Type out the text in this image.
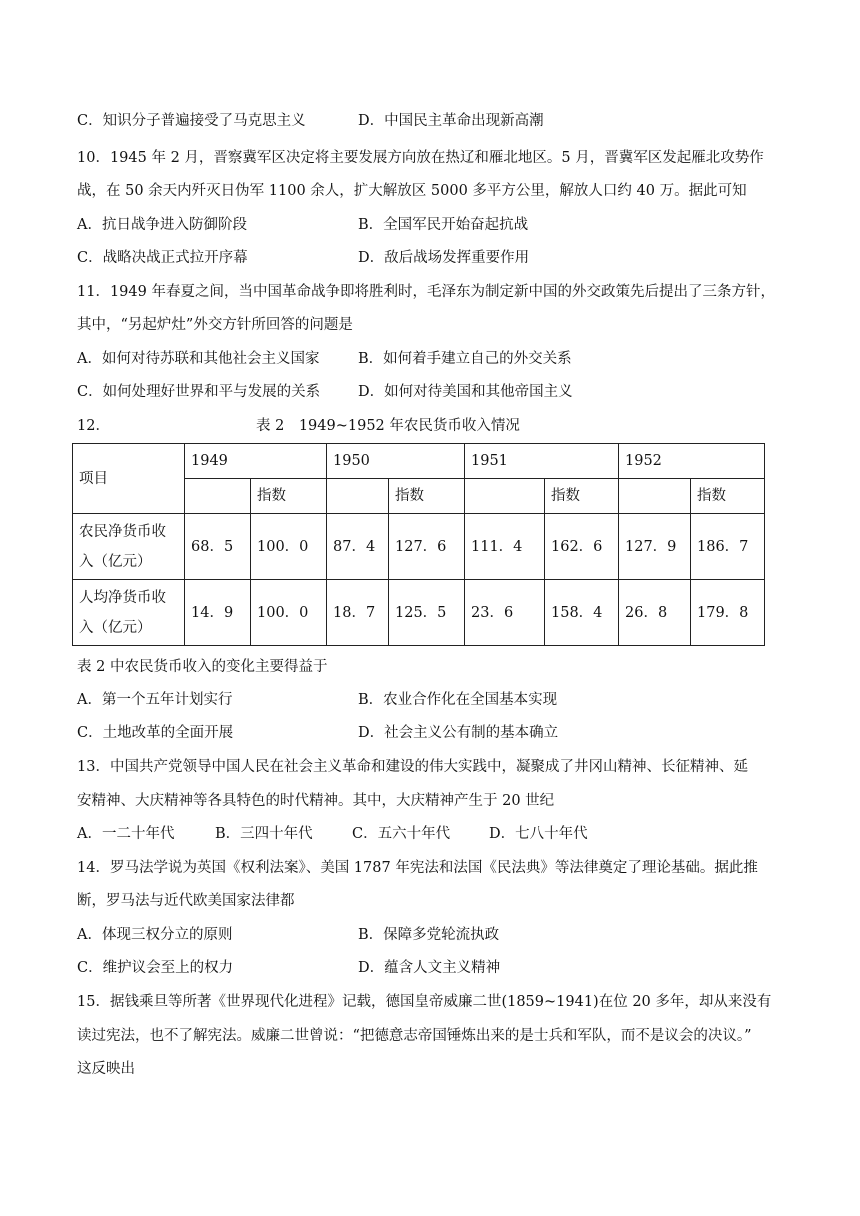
C．知识分子普遍接受了马克思主义	D．中国民主革命出现新高潮
10．1945 年 2 月，晋察冀军区决定将主要发展方向放在热辽和雁北地区。5 月，晋冀军区发起雁北攻势作
战，在 50 余天内歼灭日伪军 1100 余人，扩大解放区 5000 多平方公里，解放人口约 40 万。据此可知
A．抗日战争进入防御阶段	B．全国军民开始奋起抗战
C．战略决战正式拉开序幕	D．敌后战场发挥重要作用
11．1949 年春夏之间，当中国革命战争即将胜利时，毛泽东为制定新中国的外交政策先后提出了三条方针，
其中，“另起炉灶”外交方针所回答的问题是
A．如何对待苏联和其他社会主义国家	B．如何着手建立自己的外交关系
C．如何处理好世界和平与发展的关系	D．如何对待美国和其他帝国主义
12．	表 2　1949~1952 年农民货币收入情况
项目	1949		1950		1951		1952	
		指数		指数		指数		指数
农民净货币收入（亿元）	68．5	100．0	87．4	127．6	111．4	162．6	127．9	186．7
人均净货币收入（亿元）	14．9	100．0	18．7	125．5	23．6	158．4	26．8	179．8
表 2 中农民货币收入的变化主要得益于
A．第一个五年计划实行	B．农业合作化在全国基本实现
C．土地改革的全面开展	D．社会主义公有制的基本确立
13．中国共产党领导中国人民在社会主义革命和建设的伟大实践中，凝聚成了井冈山精神、长征精神、延
安精神、大庆精神等各具特色的时代精神。其中，大庆精神产生于 20 世纪
A．一二十年代	B．三四十年代	C．五六十年代	D．七八十年代
14．罗马法学说为英国《权利法案》、美国 1787 年宪法和法国《民法典》等法律奠定了理论基础。据此推
断，罗马法与近代欧美国家法律都
A．体现三权分立的原则	B．保障多党轮流执政
C．维护议会至上的权力	D．蕴含人文主义精神
15．据钱乘旦等所著《世界现代化进程》记载，德国皇帝威廉二世(1859~1941)在位 20 多年，却从来没有
读过宪法，也不了解宪法。威廉二世曾说：“把德意志帝国锤炼出来的是士兵和军队，而不是议会的决议。”
这反映出
